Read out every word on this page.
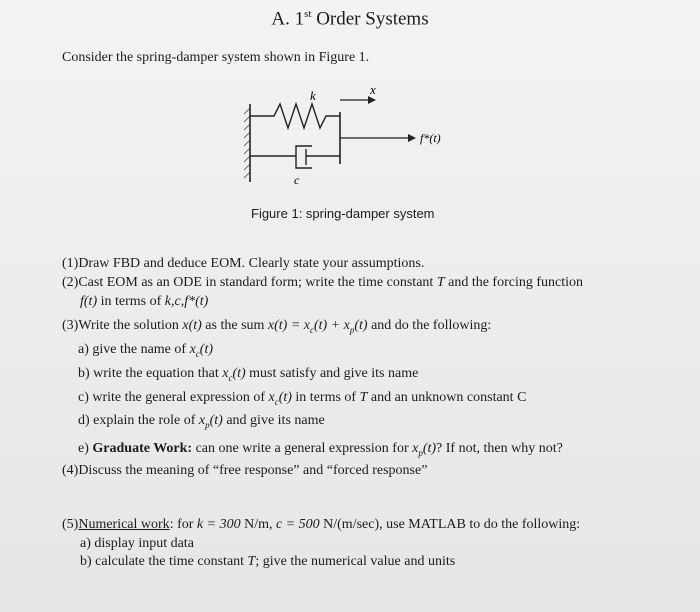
A. 1st Order Systems
Consider the spring-damper system shown in Figure 1.
k	x
c
f*(t)
Figure 1: spring-damper system
(1)Draw FBD and deduce EOM. Clearly state your assumptions.
(2)Cast EOM as an ODE in standard form; write the time constant T and the forcing function
f(t) in terms of k,c,f*(t)
(3)Write the solution x(t) as the sum $x(t) = x_c(t) + x_p(t)$ and do the following:
a) give the name of $x_c(t)$
b) write the equation that $x_c(t)$ must satisfy and give its name
c) write the general expression of $x_c(t)$ in terms of T and an unknown constant C
d) explain the role of $x_p(t)$ and give its name
e) Graduate Work: can one write a general expression for $x_p(t)$? If not, then why not?
(4)Discuss the meaning of “free response” and “forced response”
(5)Numerical work: for k = 300 N/m, c = 500 N/(m/sec), use MATLAB to do the following:
a) display input data
b) calculate the time constant T; give the numerical value and units
